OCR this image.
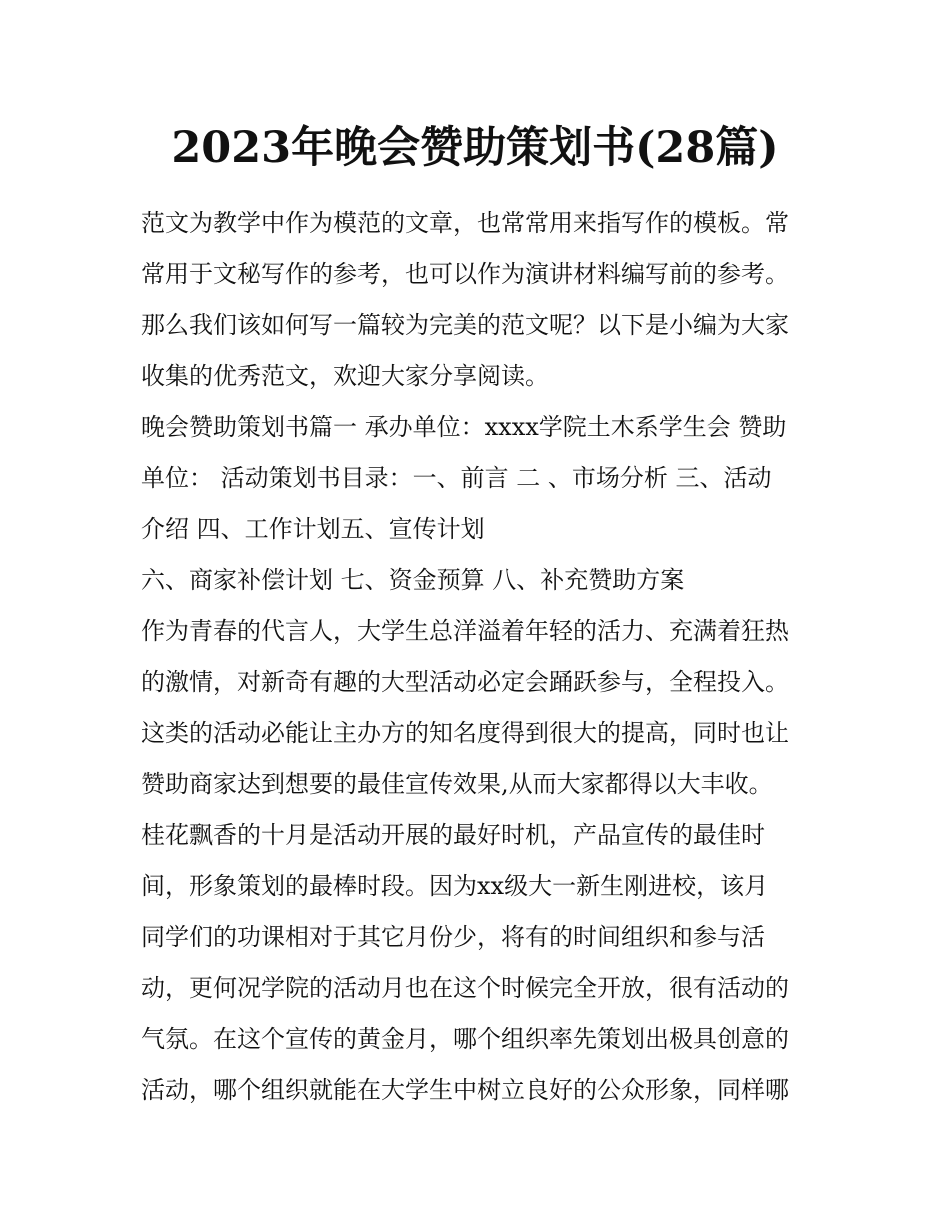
2023年晚会赞助策划书(28篇)
范文为教学中作为模范的文章，也常常用来指写作的模板。常
常用于文秘写作的参考，也可以作为演讲材料编写前的参考。
那么我们该如何写一篇较为完美的范文呢？以下是小编为大家
收集的优秀范文，欢迎大家分享阅读。
晚会赞助策划书篇一 承办单位：xxxx学院土木系学生会 赞助
单位： 活动策划书目录：一、前言 二 、市场分析 三、活动
介绍 四、工作计划五、宣传计划
六、商家补偿计划 七、资金预算 八、补充赞助方案
作为青春的代言人，大学生总洋溢着年轻的活力、充满着狂热
的激情，对新奇有趣的大型活动必定会踊跃参与，全程投入。
这类的活动必能让主办方的知名度得到很大的提高，同时也让
赞助商家达到想要的最佳宣传效果,从而大家都得以大丰收。
桂花飘香的十月是活动开展的最好时机，产品宣传的最佳时
间，形象策划的最棒时段。因为xx级大一新生刚进校，该月
同学们的功课相对于其它月份少，将有的时间组织和参与活
动，更何况学院的活动月也在这个时候完全开放，很有活动的
气氛。在这个宣传的黄金月，哪个组织率先策划出极具创意的
活动，哪个组织就能在大学生中树立良好的公众形象，同样哪
